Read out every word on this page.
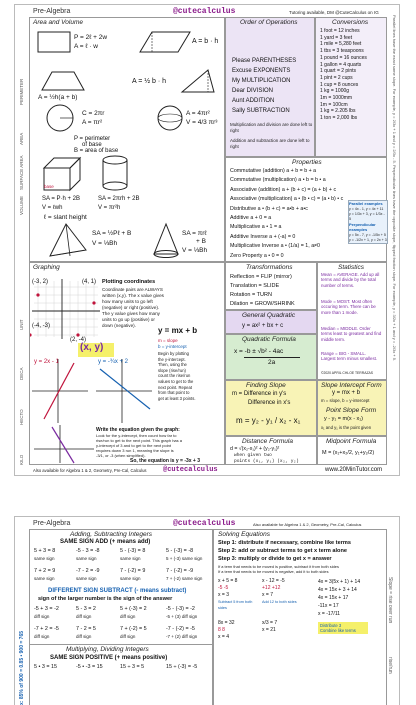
Pre-Algebra	@cutecalculus	Tutoring available, DM @CuteCalculus on IG
PERIMETER
AREA
SURFACE AREA
VOLUME
UNIT
DECA
HECTO
KILO
Area and Volume
P = 2ℓ + 2w
A = ℓ · w
A = b · h
A = ½h(a + b)
A = ½ b · h
C = 2πr
A = πr²
A = 4πr²
V = 4/3 πr³
P = perimeter
of base
B = area of base
SA = P·h + 2B
V = ℓwh
SA = 2πrh + 2B
V = πr²h
ℓ = slant height
SA = ½Pℓ + B
V = ⅓Bh
SA = πrℓ
+ B
V = ⅓Bh
base
Order of Operations
Please PARENTHESES
Excuse EXPONENTS
My MULTIPLICATION
Dear DIVISION
Aunt ADDITION
Sally SUBTRACTION
Multiplication and division are done left to right
Addition and subtraction are done left to right
Conversions
1 foot = 12 inches
1 yard = 3 feet
1 mile = 5,280 feet
1 tbs = 3 teaspoons
1 pound = 16 ounces
1 gallon = 4 quarts
1 quart = 2 pints
1 pint = 2 cups
1 cup = 8 ounces
1 kg = 1000g
1m = 1000mm
1m = 100cm
1 kg = 2.205 lbs
1 ton = 2,000 lbs
Properties
Commutative (addition) a + b = b + a
Commutative (multiplication) a • b = b • a
Associative (addition) a + (b + c) = (a + b) + c
Associative (multiplication) a • (b • c) = (a • b) • c
Distributive a • (b + c) = a•b + a•c
Additive a + 0 = a
Multiplicative a • 1 = a
Additive Inverse a + (-a) = 0
Multiplicative Inverse a • (1/a) = 1, a≠0
Zero Property a • 0 = 0
Parallel examples
y = 4x - 1, y = 4x + 11
y = 1/3x + 3, y = 1/3x - 5
Perpendicular examples
y = 5x - 7, y = -1/5x + 5
y = -1/2x + 1, y = 2x + 3
Graphing
(-3, 2)	(4, 1)
(-4, -3)
(2, -4)
(x, y)
Plotting coordinates
Coordinate pairs are ALWAYS
written (x,y). The x value gives
how many units to go left
(negative) or right (positive).
The y value gives how many
units to go up (positive) or
down (negative).
y = mx + b
m = slope
b = y-intercept
Begin by plotting
the y-intercept.
Then, using the
slope (rise/run)
count the rise/run
values to get to the
next point. Repeat
from that point to
get at least 3 points.
y = 2x - 1	y = -¾x + 2
Write the equation given the graph:
Look for the y-intercept, then count how far to
rise/run to get to the next point. This graph has a
y-intercept of 3 and to get to the next point
requires down 3 run 1, meaning the slope is
-3/1, or -3 (when simplified).
So, the equation is y = -3x + 3
Transformations
Reflection = FLIP (mirror)
Translation = SLIDE
Rotation = TURN
Dilation = GROW/SHRINK
Statistics
Mean = AVERAGE. Add up all
terms and divide by the total
number of terms.
Mode = MOST. Most often
occuring term. There can be
more than 1 mode.
Median = MIDDLE. Order
terms least to greatest and find
middle term.
Range = BIG - SMALL.
Largest term minus smallest.
©2020 APRIL CHLOE TERRAZAS
General Quadratic
y = ax² + bx + c
Quadratic Formula
x = -b ± √b² - 4ac
2a
Finding Slope
m = Difference in y's
Difference in x's
m = y₂ - y₁ / x₂ - x₁
Slope Intercept Form
y = mx + b
m = slope, b = y-intercept
Point Slope Form
y - y₁ = m(x - x₁)
x₁ and y₁ is the point given
Distance Formula
d = √(x₂-x₁)² + (y₂-y₁)²
when given two
points (x₁, y₁) (x₂, y₂)
Midpoint Formula
M = (x₁+x₂/2, y₁+y₂/2)
Also available for Algebra 1 & 2, Geometry, Pre-Cal, Calculus @cutecalculus	www.20MinTutor.com
Parallel lines have the exact same slope. For example, y = 2/3x + 1 and y = 2/3x - 5. Perpendicular lines have the opposite slope, flipped fraction slope. For example, y = 3/2x + 1 and y = -2/3x + 5.
Pre-Algebra	@cutecalculus	Also available for Algebra 1 & 2, Geometry, Pre-Cal, Calculus
x: 85% of 900 = 0.85 • 900 = 765
Slope = rise over run
rise/run
Adding, Subtracting Integers
SAME SIGN ADD (+ means add)
5 + 3 = 8	-5 - 3 = -8	5 - (-3) = 8	5 - (-3) = -8
same sign	same sign	same sign	5 + (-3) same sign
7 + 2 = 9	-7 - 2 = -9	7 - (-2) = 9	7 - (-2) = -9
same sign	same sign	same sign	7 + (-2) same sign
DIFFERENT SIGN SUBTRACT (- means subtract)
sign of the larger number is the sign of the answer
-5 + 3 = -2	5 - 3 = 2	5 + (-3) = 2	-5 - (-3) = -2
diff sign	diff sign	diff sign	-5 + (3) diff sign
-7 + 2 = -5	7 - 2 = 5	7 + (-2) = 5	-7 - (-2) = -5
diff sign	diff sign	diff sign	-7 + (2) diff sign
Multiplying, Dividing Integers
SAME SIGN POSITIVE (+ means positive)
5 • 3 = 15	-5 • -3 = 15	15 ÷ 3 = 5	15 ÷ (-3) = -5
Solving Equations
Step 1: distribute if necessary, combine like terms
Step 2: add or subtract terms to get x term alone
Step 3: multiply or divide to get x = answer
If a term that needs to be moved is positive, subtract it from both sides
If a term that needs to be moved is negative, add it to both sides
x + 5 = 8
-5 -5
x = 3
Subtract 5 from both sides
x - 12 = -5
+12 +12
x = 7
Add 12 to both sides
4x = 3(5x + 1) + 14
4x = 15x + 3 + 14
4x = 15x + 17
-11x = 17
x = -17/11
8x = 32
8 8
x = 4
x/3 = 7
x = 21
Distribute 3
Combine like terms
